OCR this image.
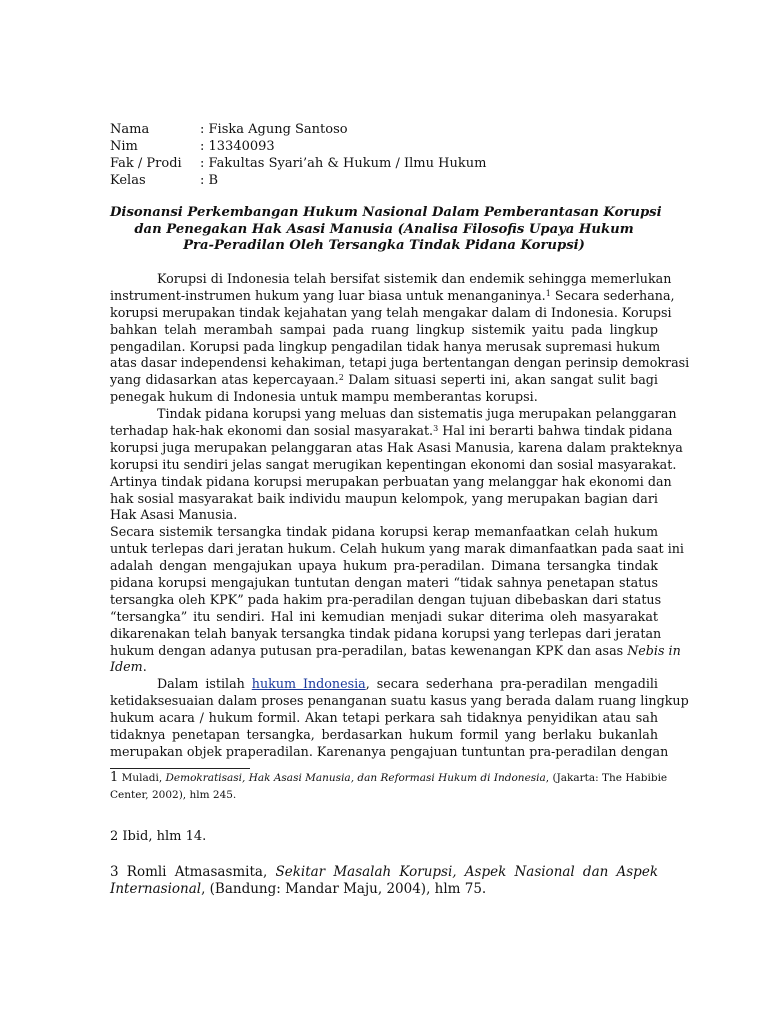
Nama	: Fiska Agung Santoso
Nim	: 13340093
Fak / Prodi	: Fakultas Syari’ah & Hukum / Ilmu Hukum
Kelas	: B
Disonansi Perkembangan Hukum Nasional Dalam Pemberantasan Korupsi
dan Penegakan Hak Asasi Manusia (Analisa Filosofis Upaya Hukum
Pra-Peradilan Oleh Tersangka Tindak Pidana Korupsi)
Korupsi di Indonesia telah bersifat sistemik dan endemik sehingga memerlukan
instrument-instrumen hukum yang luar biasa untuk menanganinya.$^1$ Secara sederhana,
korupsi merupakan tindak kejahatan yang telah mengakar dalam di Indonesia. Korupsi
bahkan telah merambah sampai pada ruang lingkup sistemik yaitu pada lingkup
pengadilan. Korupsi pada lingkup pengadilan tidak hanya merusak supremasi hukum
atas dasar independensi kehakiman, tetapi juga bertentangan dengan perinsip demokrasi
yang didasarkan atas kepercayaan.$^2$ Dalam situasi seperti ini, akan sangat sulit bagi
penegak hukum di Indonesia untuk mampu memberantas korupsi.
Tindak pidana korupsi yang meluas dan sistematis juga merupakan pelanggaran
terhadap hak-hak ekonomi dan sosial masyarakat.$^3$ Hal ini berarti bahwa tindak pidana
korupsi juga merupakan pelanggaran atas Hak Asasi Manusia, karena dalam prakteknya
korupsi itu sendiri jelas sangat merugikan kepentingan ekonomi dan sosial masyarakat.
Artinya tindak pidana korupsi merupakan perbuatan yang melanggar hak ekonomi dan
hak sosial masyarakat baik individu maupun kelompok, yang merupakan bagian dari
Hak Asasi Manusia.
Secara sistemik tersangka tindak pidana korupsi kerap memanfaatkan celah hukum
untuk terlepas dari jeratan hukum. Celah hukum yang marak dimanfaatkan pada saat ini
adalah dengan mengajukan upaya hukum pra-peradilan. Dimana tersangka tindak
pidana korupsi mengajukan tuntutan dengan materi “tidak sahnya penetapan status
tersangka oleh KPK” pada hakim pra-peradilan dengan tujuan dibebaskan dari status
“tersangka” itu sendiri. Hal ini kemudian menjadi sukar diterima oleh masyarakat
dikarenakan telah banyak tersangka tindak pidana korupsi yang terlepas dari jeratan
hukum dengan adanya putusan pra-peradilan, batas kewenangan KPK dan asas Nebis in
Idem.
Dalam istilah hukum Indonesia, secara sederhana pra-peradilan mengadili
ketidaksesuaian dalam proses penanganan suatu kasus yang berada dalam ruang lingkup
hukum acara / hukum formil. Akan tetapi perkara sah tidaknya penyidikan atau sah
tidaknya penetapan tersangka, berdasarkan hukum formil yang berlaku bukanlah
merupakan objek praperadilan. Karenanya pengajuan tuntuntan pra-peradilan dengan
1 Muladi, Demokratisasi, Hak Asasi Manusia, dan Reformasi Hukum di Indonesia, (Jakarta: The Habibie
Center, 2002), hlm 245.
2 Ibid, hlm 14.
3 Romli Atmasasmita, Sekitar Masalah Korupsi, Aspek Nasional dan Aspek
Internasional, (Bandung: Mandar Maju, 2004), hlm 75.
